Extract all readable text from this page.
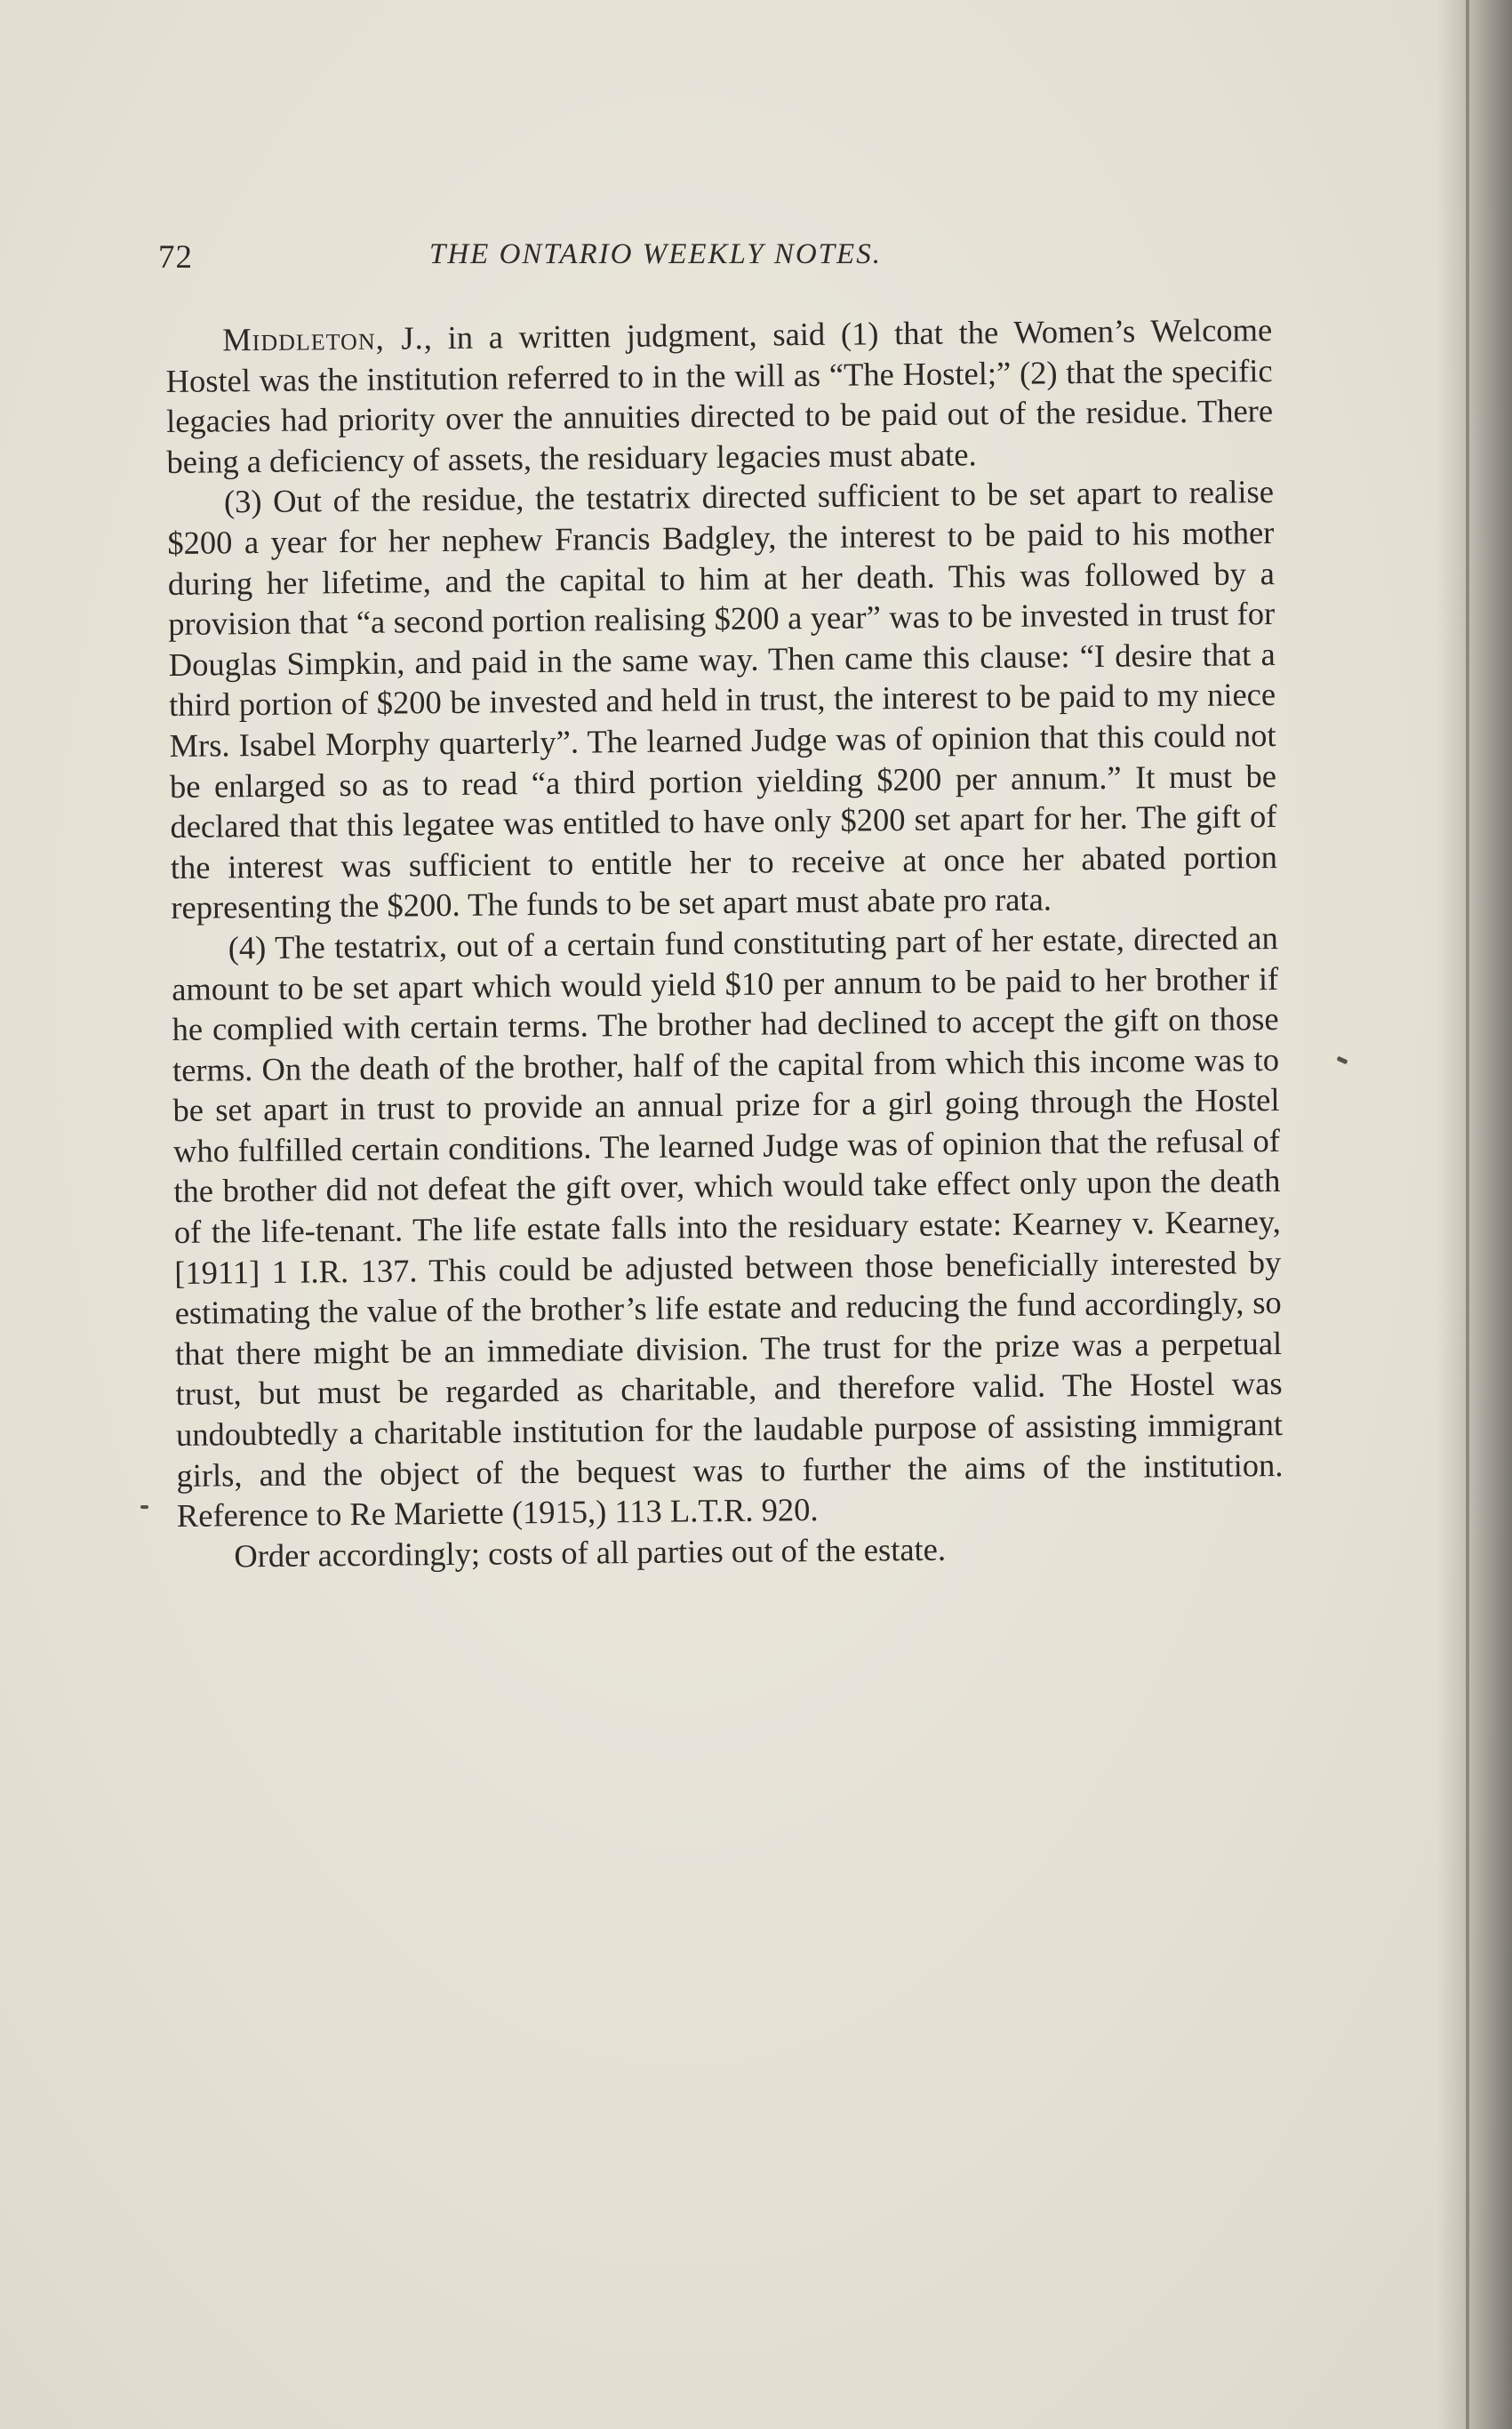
72	THE ONTARIO WEEKLY NOTES.

Middleton, J., in a written judgment, said (1) that the Women’s Welcome Hostel was the institution referred to in the will as “The Hostel;” (2) that the specific legacies had priority over the annuities directed to be paid out of the residue. There being a deficiency of assets, the residuary legacies must abate.

(3) Out of the residue, the testatrix directed sufficient to be set apart to realise $200 a year for her nephew Francis Badgley, the interest to be paid to his mother during her lifetime, and the capital to him at her death. This was followed by a provision that “a second portion realising $200 a year” was to be invested in trust for Douglas Simpkin, and paid in the same way. Then came this clause: “I desire that a third portion of $200 be invested and held in trust, the interest to be paid to my niece Mrs. Isabel Morphy quarterly”. The learned Judge was of opinion that this could not be enlarged so as to read “a third portion yielding $200 per annum.” It must be declared that this legatee was entitled to have only $200 set apart for her. The gift of the interest was sufficient to entitle her to receive at once her abated portion representing the $200. The funds to be set apart must abate pro rata.

(4) The testatrix, out of a certain fund constituting part of her estate, directed an amount to be set apart which would yield $10 per annum to be paid to her brother if he complied with certain terms. The brother had declined to accept the gift on those terms. On the death of the brother, half of the capital from which this income was to be set apart in trust to provide an annual prize for a girl going through the Hostel who fulfilled certain conditions. The learned Judge was of opinion that the refusal of the brother did not defeat the gift over, which would take effect only upon the death of the life-tenant. The life estate falls into the residuary estate: Kearney v. Kearney, [1911] 1 I.R. 137. This could be adjusted between those beneficially interested by estimating the value of the brother’s life estate and reducing the fund accordingly, so that there might be an immediate division. The trust for the prize was a perpetual trust, but must be regarded as charitable, and therefore valid. The Hostel was undoubtedly a charitable institution for the laudable purpose of assisting immigrant girls, and the object of the bequest was to further the aims of the institution. Reference to Re Mariette (1915,) 113 L.T.R. 920.

Order accordingly; costs of all parties out of the estate.
